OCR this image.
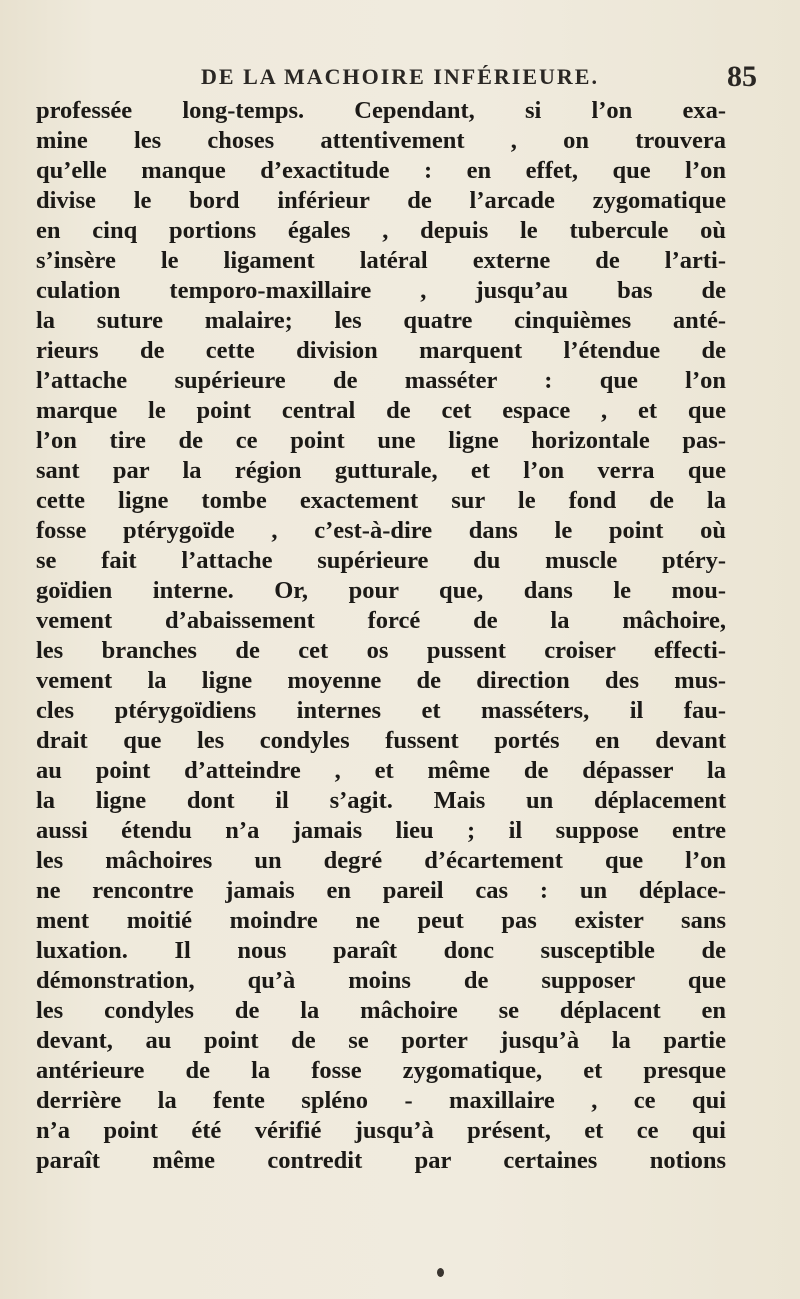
DE LA MACHOIRE INFÉRIEURE.	85
professée long-temps. Cependant, si l’on exa-
mine les choses attentivement , on trouvera
qu’elle manque d’exactitude : en effet, que l’on
divise le bord inférieur de l’arcade zygomatique
en cinq portions égales , depuis le tubercule où
s’insère le ligament latéral externe de l’arti-
culation temporo-maxillaire , jusqu’au bas de
la suture malaire; les quatre cinquièmes anté-
rieurs de cette division marquent l’étendue de
l’attache supérieure de masséter : que l’on
marque le point central de cet espace , et que
l’on tire de ce point une ligne horizontale pas-
sant par la région gutturale, et l’on verra que
cette ligne tombe exactement sur le fond de la
fosse ptérygoïde , c’est-à-dire dans le point où
se fait l’attache supérieure du muscle ptéry-
goïdien interne. Or, pour que, dans le mou-
vement d’abaissement forcé de la mâchoire,
les branches de cet os pussent croiser effecti-
vement la ligne moyenne de direction des mus-
cles ptérygoïdiens internes et masséters, il fau-
drait que les condyles fussent portés en devant
au point d’atteindre , et même de dépasser la
la ligne dont il s’agit. Mais un déplacement
aussi étendu n’a jamais lieu ; il suppose entre
les mâchoires un degré d’écartement que l’on
ne rencontre jamais en pareil cas : un déplace-
ment moitié moindre ne peut pas exister sans
luxation. Il nous paraît donc susceptible de
démonstration, qu’à moins de supposer que
les condyles de la mâchoire se déplacent en
devant, au point de se porter jusqu’à la partie
antérieure de la fosse zygomatique, et presque
derrière la fente spléno - maxillaire , ce qui
n’a point été vérifié jusqu’à présent, et ce qui
paraît même contredit par certaines notions
